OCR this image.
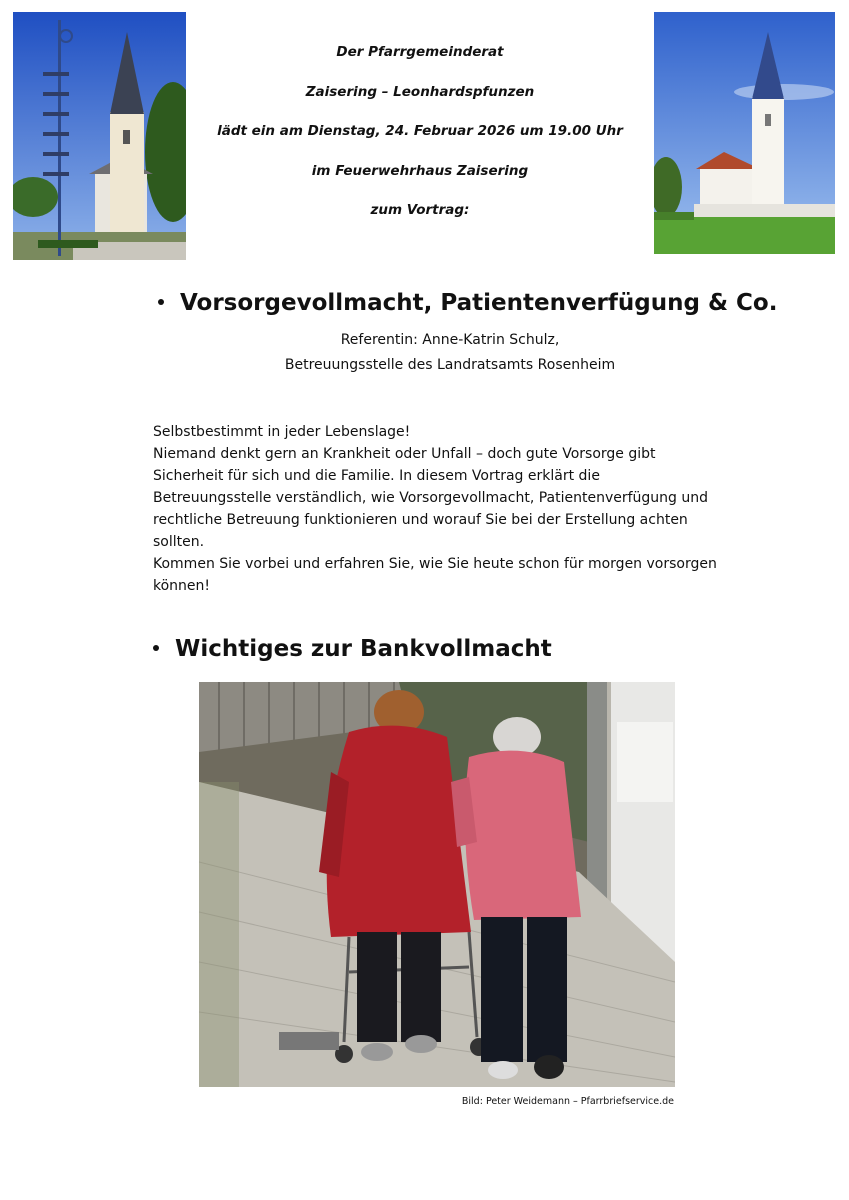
Der Pfarrgemeinderat
Zaisering – Leonhardspfunzen
lädt ein am Dienstag, 24. Februar 2026 um 19.00 Uhr
im Feuerwehrhaus Zaisering
zum Vortrag:
Vorsorgevollmacht, Patientenverfügung & Co.
Referentin: Anne-Katrin Schulz,
Betreuungsstelle des Landratsamts Rosenheim
Selbstbestimmt in jeder Lebenslage!
Niemand denkt gern an Krankheit oder Unfall – doch gute Vorsorge gibt
Sicherheit für sich und die Familie. In diesem Vortrag erklärt die
Betreuungsstelle verständlich, wie Vorsorgevollmacht, Patientenverfügung und
rechtliche Betreuung funktionieren und worauf Sie bei der Erstellung achten
sollten.
Kommen Sie vorbei und erfahren Sie, wie Sie heute schon für morgen vorsorgen
können!
Wichtiges zur Bankvollmacht
Bild: Peter Weidemann – Pfarrbriefservice.de
